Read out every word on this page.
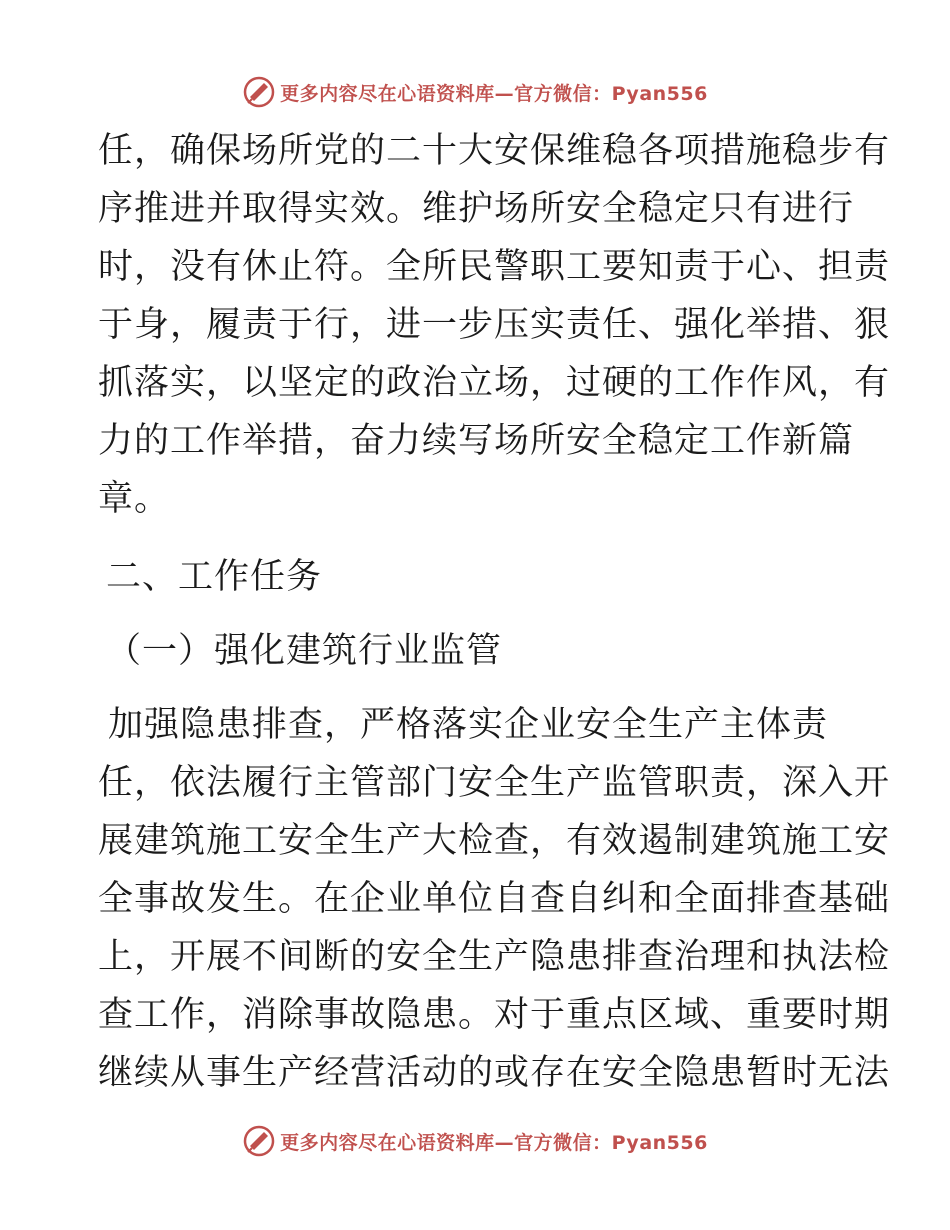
更多内容尽在心语资料库—官方微信：Pyan556
任，确保场所党的二十大安保维稳各项措施稳步有
序推进并取得实效。维护场所安全稳定只有进行
时，没有休止符。全所民警职工要知责于心、担责
于身，履责于行，进一步压实责任、强化举措、狠
抓落实，以坚定的政治立场，过硬的工作作风，有
力的工作举措，奋力续写场所安全稳定工作新篇
章。
二、工作任务
（一）强化建筑行业监管
加强隐患排查，严格落实企业安全生产主体责
任，依法履行主管部门安全生产监管职责，深入开
展建筑施工安全生产大检查，有效遏制建筑施工安
全事故发生。在企业单位自查自纠和全面排查基础
上，开展不间断的安全生产隐患排查治理和执法检
查工作，消除事故隐患。对于重点区域、重要时期
继续从事生产经营活动的或存在安全隐患暂时无法
更多内容尽在心语资料库—官方微信：Pyan556
